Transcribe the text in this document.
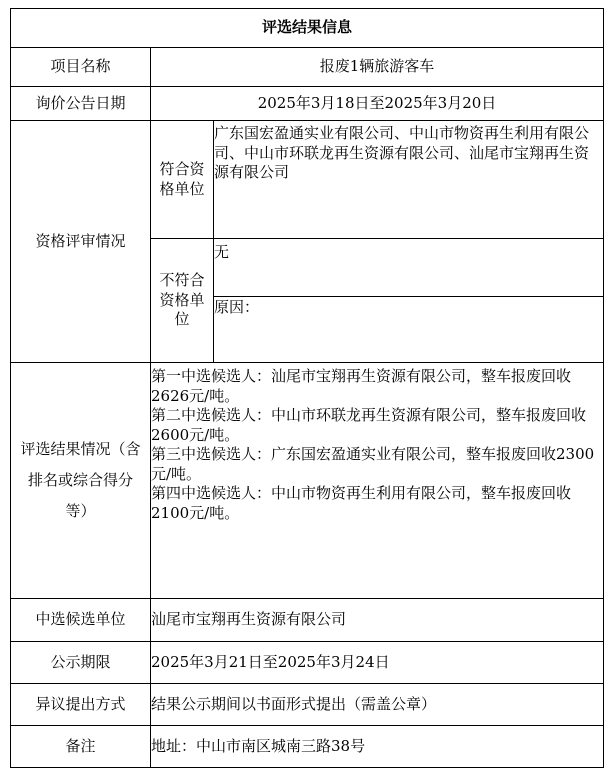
评选结果信息		
项目名称	报废1辆旅游客车	
询价公告日期	2025年3月18日至2025年3月20日	
资格评审情况	符合资格单位	广东国宏盈通实业有限公司、中山市物资再生利用有限公司、中山市环联龙再生资源有限公司、汕尾市宝翔再生资源有限公司
	不符合资格单位	无
		原因：
评选结果情况（含排名或综合得分等）	第一中选候选人：汕尾市宝翔再生资源有限公司，整车报废回收2626元/吨。
第二中选候选人：中山市环联龙再生资源有限公司，整车报废回收2600元/吨。
第三中选候选人：广东国宏盈通实业有限公司，整车报废回收2300元/吨。
第四中选候选人：中山市物资再生利用有限公司，整车报废回收2100元/吨。	

中选候选单位	汕尾市宝翔再生资源有限公司	
公示期限	2025年3月21日至2025年3月24日	
异议提出方式	结果公示期间以书面形式提出（需盖公章）	
备注	地址：中山市南区城南三路38号	
